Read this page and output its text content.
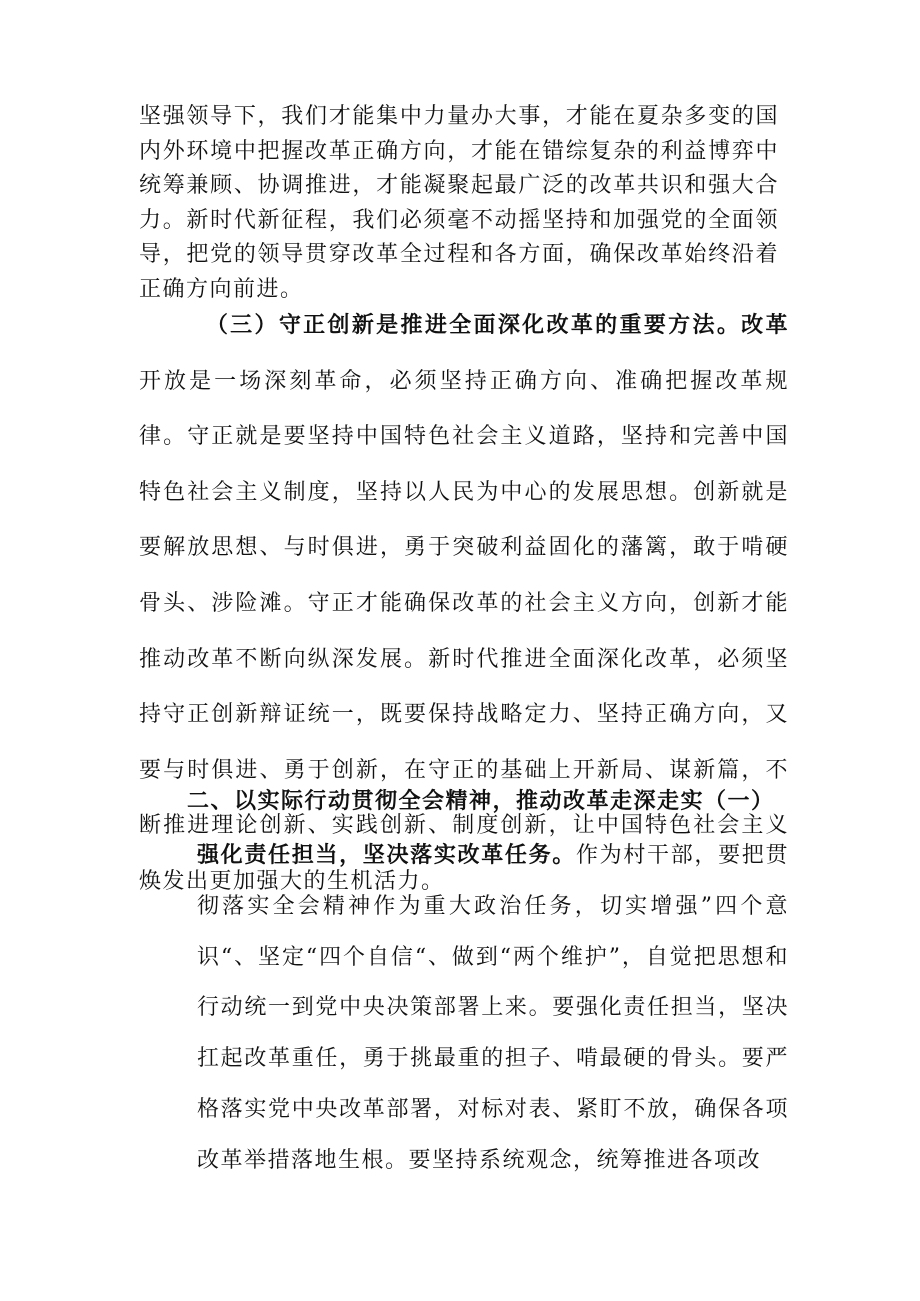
坚强领导下，我们才能集中力量办大事，才能在夏杂多变的国内外环境中把握改革正确方向，才能在错综复杂的利益博弈中统筹兼顾、协调推进，才能凝聚起最广泛的改革共识和强大合力。新时代新征程，我们必须毫不动摇坚持和加强党的全面领导，把党的领导贯穿改革全过程和各方面，确保改革始终沿着正确方向前进。

（三）守正创新是推进全面深化改革的重要方法。改革开放是一场深刻革命，必须坚持正确方向、准确把握改革规律。守正就是要坚持中国特色社会主义道路，坚持和完善中国特色社会主义制度，坚持以人民为中心的发展思想。创新就是要解放思想、与时俱进，勇于突破利益固化的藩篱，敢于啃硬骨头、涉险滩。守正才能确保改革的社会主义方向，创新才能推动改革不断向纵深发展。新时代推进全面深化改革，必须坚持守正创新辩证统一，既要保持战略定力、坚持正确方向，又要与时俱进、勇于创新，在守正的基础上开新局、谋新篇，不断推进理论创新、实践创新、制度创新，让中国特色社会主义焕发出更加强大的生机活力。

二、以实际行动贯彻全会精神，推动改革走深走实（一）

强化责任担当，坚决落实改革任务。作为村干部，要把贯彻落实全会精神作为重大政治任务，切实增强”四个意识“、坚定“四个自信“、做到“两个维护”，自觉把思想和行动统一到党中央决策部署上来。要强化责任担当，坚决扛起改革重任，勇于挑最重的担子、啃最硬的骨头。要严格落实党中央改革部署，对标对表、紧盯不放，确保各项改革举措落地生根。要坚持系统观念，统筹推进各项改
